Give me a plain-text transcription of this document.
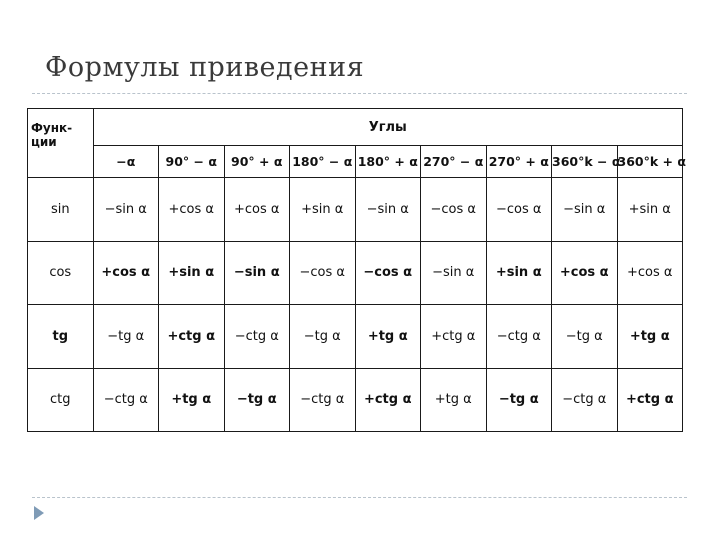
Формулы приведения
Функ-
ции	Углы								
	−α	90° − α	90° + α	180° − α	180° + α	270° − α	270° + α	360°k − α	360°k + α
sin	−sin α	+cos α	+cos α	+sin α	−sin α	−cos α	−cos α	−sin α	+sin α
cos	+cos α	+sin α	−sin α	−cos α	−cos α	−sin α	+sin α	+cos α	+cos α
tg	−tg α	+ctg α	−ctg α	−tg α	+tg α	+ctg α	−ctg α	−tg α	+tg α
ctg	−ctg α	+tg α	−tg α	−ctg α	+ctg α	+tg α	−tg α	−ctg α	+ctg α
